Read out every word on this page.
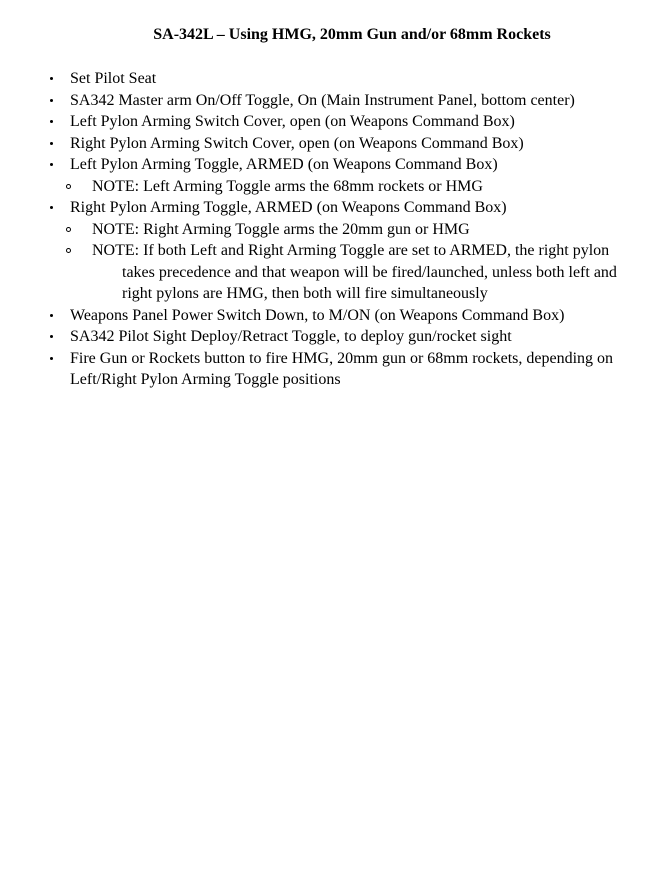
SA-342L – Using HMG, 20mm Gun and/or 68mm Rockets
Set Pilot Seat
SA342 Master arm On/Off Toggle, On (Main Instrument Panel, bottom center)
Left Pylon Arming Switch Cover, open (on Weapons Command Box)
Right Pylon Arming Switch Cover, open (on Weapons Command Box)
Left Pylon Arming Toggle, ARMED (on Weapons Command Box)
NOTE: Left Arming Toggle arms the 68mm rockets or HMG
Right Pylon Arming Toggle, ARMED (on Weapons Command Box)
NOTE: Right Arming Toggle arms the 20mm gun or HMG
NOTE: If both Left and Right Arming Toggle are set to ARMED, the right pylon takes precedence and that weapon will be fired/launched, unless both left and right pylons are HMG, then both will fire simultaneously
Weapons Panel Power Switch Down, to M/ON (on Weapons Command Box)
SA342 Pilot Sight Deploy/Retract Toggle, to deploy gun/rocket sight
Fire Gun or Rockets button to fire HMG, 20mm gun or 68mm rockets, depending on Left/Right Pylon Arming Toggle positions
